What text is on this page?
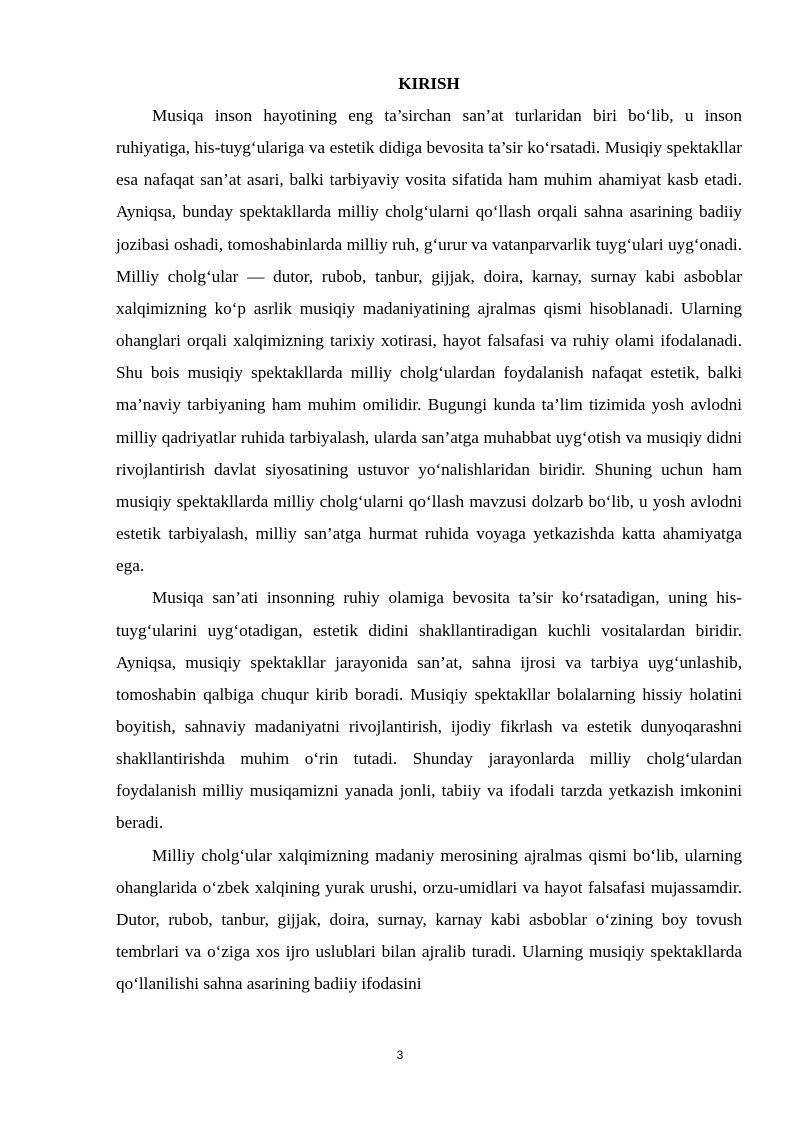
KIRISH

Musiqa inson hayotining eng ta’sirchan san’at turlaridan biri bo‘lib, u inson ruhiyatiga, his-tuyg‘ulariga va estetik didiga bevosita ta’sir ko‘rsatadi. Musiqiy spektakllar esa nafaqat san’at asari, balki tarbiyaviy vosita sifatida ham muhim ahamiyat kasb etadi. Ayniqsa, bunday spektakllarda milliy cholg‘ularni qo‘llash orqali sahna asarining badiiy jozibasi oshadi, tomoshabinlarda milliy ruh, g‘urur va vatanparvarlik tuyg‘ulari uyg‘onadi. Milliy cholg‘ular — dutor, rubob, tanbur, gijjak, doira, karnay, surnay kabi asboblar xalqimizning ko‘p asrlik musiqiy madaniyatining ajralmas qismi hisoblanadi. Ularning ohanglari orqali xalqimizning tarixiy xotirasi, hayot falsafasi va ruhiy olami ifodalanadi. Shu bois musiqiy spektakllarda milliy cholg‘ulardan foydalanish nafaqat estetik, balki ma’naviy tarbiyaning ham muhim omilidir. Bugungi kunda ta’lim tizimida yosh avlodni milliy qadriyatlar ruhida tarbiyalash, ularda san’atga muhabbat uyg‘otish va musiqiy didni rivojlantirish davlat siyosatining ustuvor yo‘nalishlaridan biridir. Shuning uchun ham musiqiy spektakllarda milliy cholg‘ularni qo‘llash mavzusi dolzarb bo‘lib, u yosh avlodni estetik tarbiyalash, milliy san’atga hurmat ruhida voyaga yetkazishda katta ahamiyatga ega.

Musiqa san’ati insonning ruhiy olamiga bevosita ta’sir ko‘rsatadigan, uning his-tuyg‘ularini uyg‘otadigan, estetik didini shakllantiradigan kuchli vositalardan biridir. Ayniqsa, musiqiy spektakllar jarayonida san’at, sahna ijrosi va tarbiya uyg‘unlashib, tomoshabin qalbiga chuqur kirib boradi. Musiqiy spektakllar bolalarning hissiy holatini boyitish, sahnaviy madaniyatni rivojlantirish, ijodiy fikrlash va estetik dunyoqarashni shakllantirishda muhim o‘rin tutadi. Shunday jarayonlarda milliy cholg‘ulardan foydalanish milliy musiqamizni yanada jonli, tabiiy va ifodali tarzda yetkazish imkonini beradi.

Milliy cholg‘ular xalqimizning madaniy merosining ajralmas qismi bo‘lib, ularning ohanglarida o‘zbek xalqining yurak urushi, orzu-umidlari va hayot falsafasi mujassamdir. Dutor, rubob, tanbur, gijjak, doira, surnay, karnay kabi asboblar o‘zining boy tovush tembrlari va o‘ziga xos ijro uslublari bilan ajralib turadi. Ularning musiqiy spektakllarda qo‘llanilishi sahna asarining badiiy ifodasini

3
